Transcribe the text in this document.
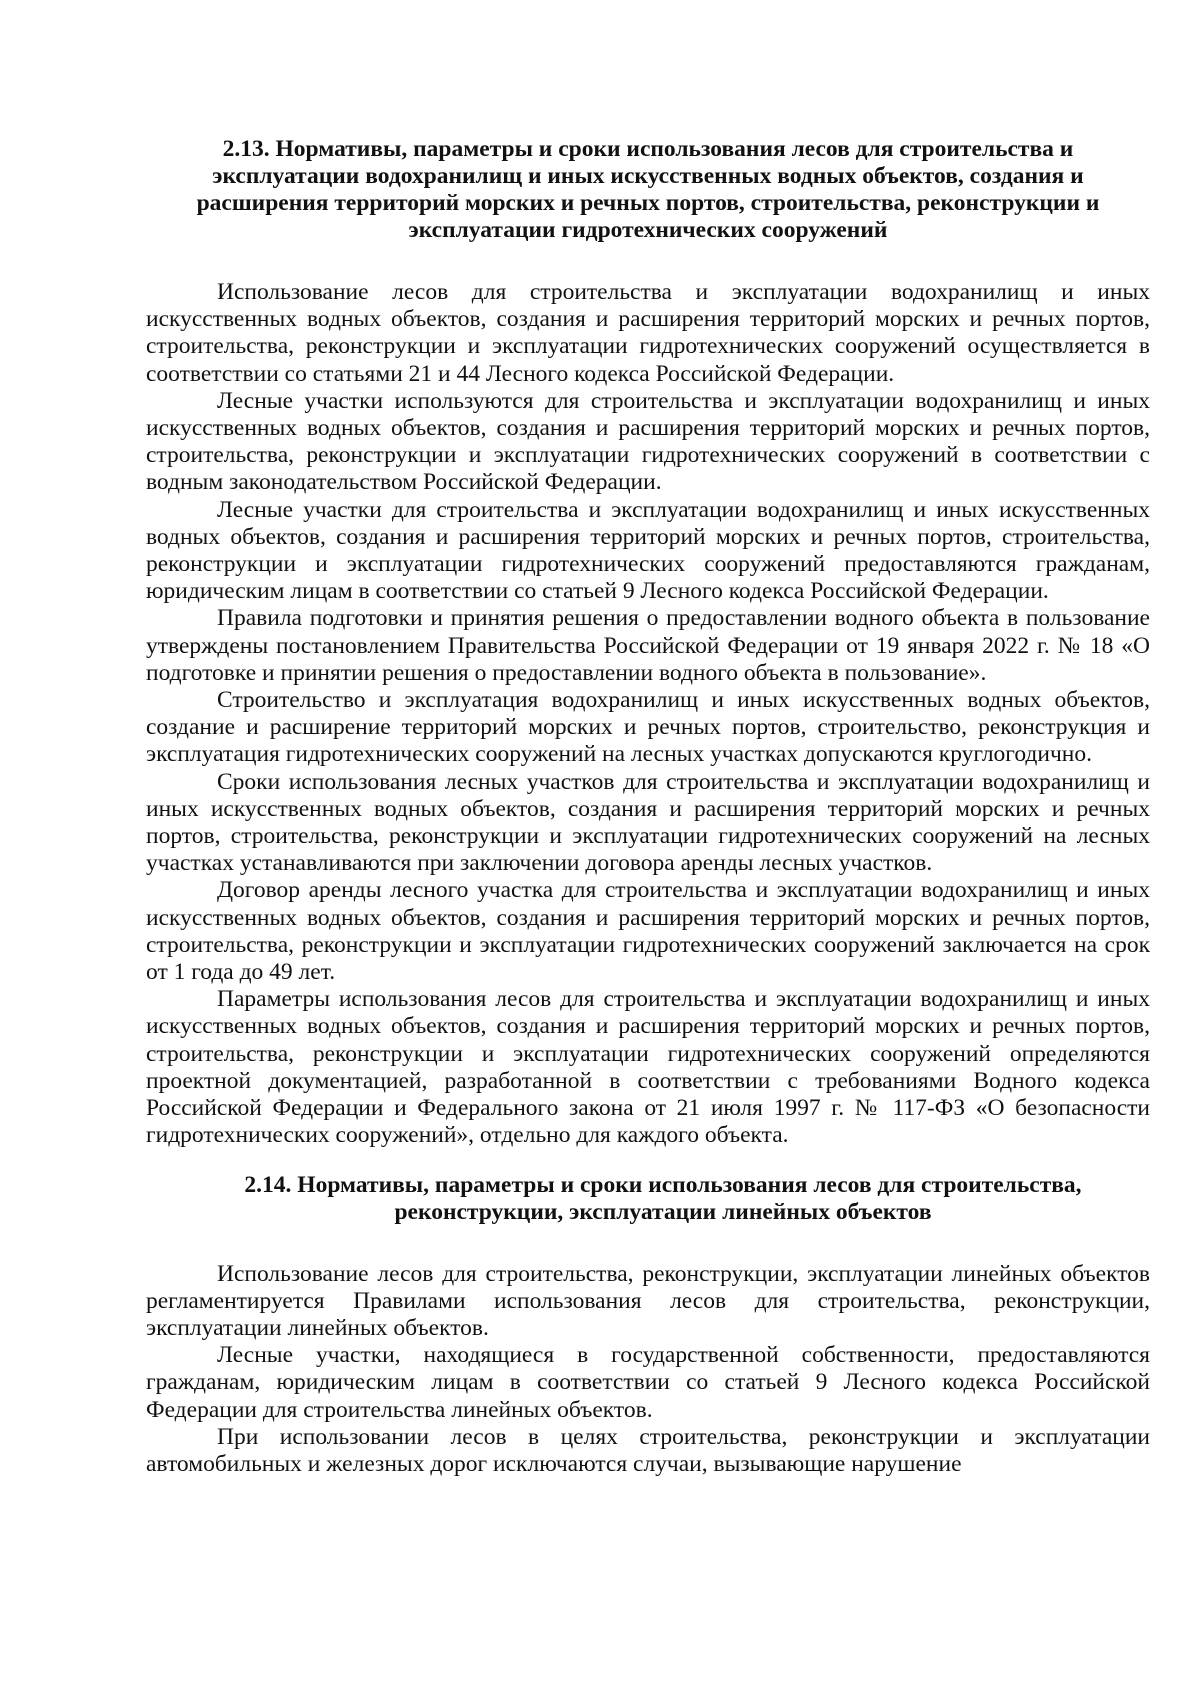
2.13. Нормативы, параметры и сроки использования лесов для строительства и эксплуатации водохранилищ и иных искусственных водных объектов, создания и расширения территорий морских и речных портов, строительства, реконструкции и эксплуатации гидротехнических сооружений

Использование лесов для строительства и эксплуатации водохранилищ и иных искусственных водных объектов, создания и расширения территорий морских и речных портов, строительства, реконструкции и эксплуатации гидротехнических сооружений осуществляется в соответствии со статьями 21 и 44 Лесного кодекса Российской Федерации.

Лесные участки используются для строительства и эксплуатации водохранилищ и иных искусственных водных объектов, создания и расширения территорий морских и речных портов, строительства, реконструкции и эксплуатации гидротехнических сооружений в соответствии с водным законодательством Российской Федерации.

Лесные участки для строительства и эксплуатации водохранилищ и иных искусственных водных объектов, создания и расширения территорий морских и речных портов, строительства, реконструкции и эксплуатации гидротехнических сооружений предоставляются гражданам, юридическим лицам в соответствии со статьей 9 Лесного кодекса Российской Федерации.

Правила подготовки и принятия решения о предоставлении водного объекта в пользование утверждены постановлением Правительства Российской Федерации от 19 января 2022 г. № 18 «О подготовке и принятии решения о предоставлении водного объекта в пользование».

Строительство и эксплуатация водохранилищ и иных искусственных водных объектов, создание и расширение территорий морских и речных портов, строительство, реконструкция и эксплуатация гидротехнических сооружений на лесных участках допускаются круглогодично.

Сроки использования лесных участков для строительства и эксплуатации водохранилищ и иных искусственных водных объектов, создания и расширения территорий морских и речных портов, строительства, реконструкции и эксплуатации гидротехнических сооружений на лесных участках устанавливаются при заключении договора аренды лесных участков.

Договор аренды лесного участка для строительства и эксплуатации водохранилищ и иных искусственных водных объектов, создания и расширения территорий морских и речных портов, строительства, реконструкции и эксплуатации гидротехнических сооружений заключается на срок от 1 года до 49 лет.

Параметры использования лесов для строительства и эксплуатации водохранилищ и иных искусственных водных объектов, создания и расширения территорий морских и речных портов, строительства, реконструкции и эксплуатации гидротехнических сооружений определяются проектной документацией, разработанной в соответствии с требованиями Водного кодекса Российской Федерации и Федерального закона от 21 июля 1997 г. № 117-ФЗ «О безопасности гидротехнических сооружений», отдельно для каждого объекта.

2.14. Нормативы, параметры и сроки использования лесов для строительства, реконструкции, эксплуатации линейных объектов

Использование лесов для строительства, реконструкции, эксплуатации линейных объектов регламентируется Правилами использования лесов для строительства, реконструкции, эксплуатации линейных объектов.

Лесные участки, находящиеся в государственной собственности, предоставляются гражданам, юридическим лицам в соответствии со статьей 9 Лесного кодекса Российской Федерации для строительства линейных объектов.

При использовании лесов в целях строительства, реконструкции и эксплуатации автомобильных и железных дорог исключаются случаи, вызывающие нарушение
